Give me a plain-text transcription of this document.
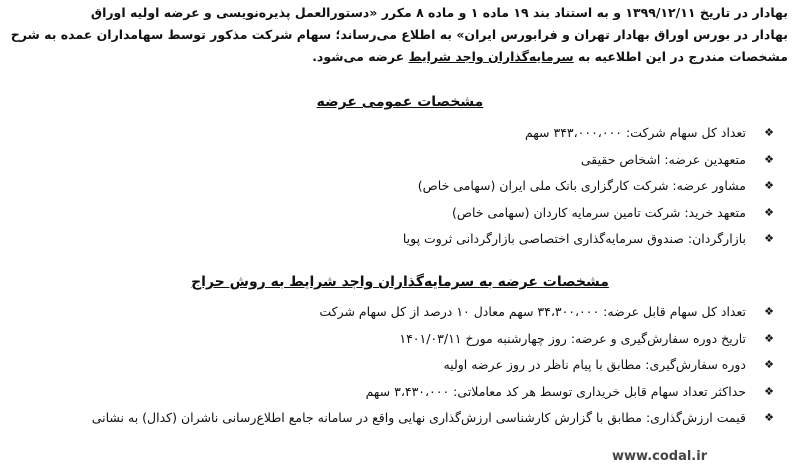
بهادار در تاریخ ۱۳۹۹/۱۲/۱۱ و به استناد بند ۱۹ ماده ۱ و ماده ۸ مکرر «دستورالعمل پذیره‌نویسی و عرضه اولیه اوراق

بهادار در بورس اوراق بهادار تهران و فرابورس ایران» به اطلاع می‌رساند؛ سهام شرکت مذکور توسط سهامداران عمده به شرح

مشخصات مندرج در این اطلاعیه به سرمایه‌گذاران واجد شرایط عرضه می‌شود.

مشخصات عمومی عرضه
❖
تعداد کل سهام شرکت: ۳۴۳،۰۰۰،۰۰۰ سهم
❖
متعهدین عرضه: اشخاص حقیقی
❖
مشاور عرضه: شرکت کارگزاری بانک ملی ایران (سهامی خاص)
❖
متعهد خرید: شرکت تامین سرمایه کاردان (سهامی خاص)
❖
بازارگردان: صندوق سرمایه‌گذاری اختصاصی بازارگردانی ثروت پویا
مشخصات عرضه به سرمایه‌گذاران واجد شرایط به روش حراج
❖
تعداد کل سهام قابل عرضه: ۳۴،۳۰۰،۰۰۰ سهم معادل ۱۰ درصد از کل سهام شرکت
❖
تاریخ دوره سفارش‌گیری و عرضه: روز چهارشنبه مورخ ۱۴۰۱/۰۳/۱۱
❖
دوره سفارش‌گیری: مطابق با پیام ناظر در روز عرضه اولیه
❖
حداکثر تعداد سهام قابل خریداری توسط هر کد معاملاتی: ۳،۴۳۰،۰۰۰ سهم
❖
قیمت ارزش‌گذاری: مطابق با گزارش کارشناسی ارزش‌گذاری نهایی واقع در سامانه جامع اطلاع‌رسانی ناشران (کدال) به نشانی
www.codal.ir
